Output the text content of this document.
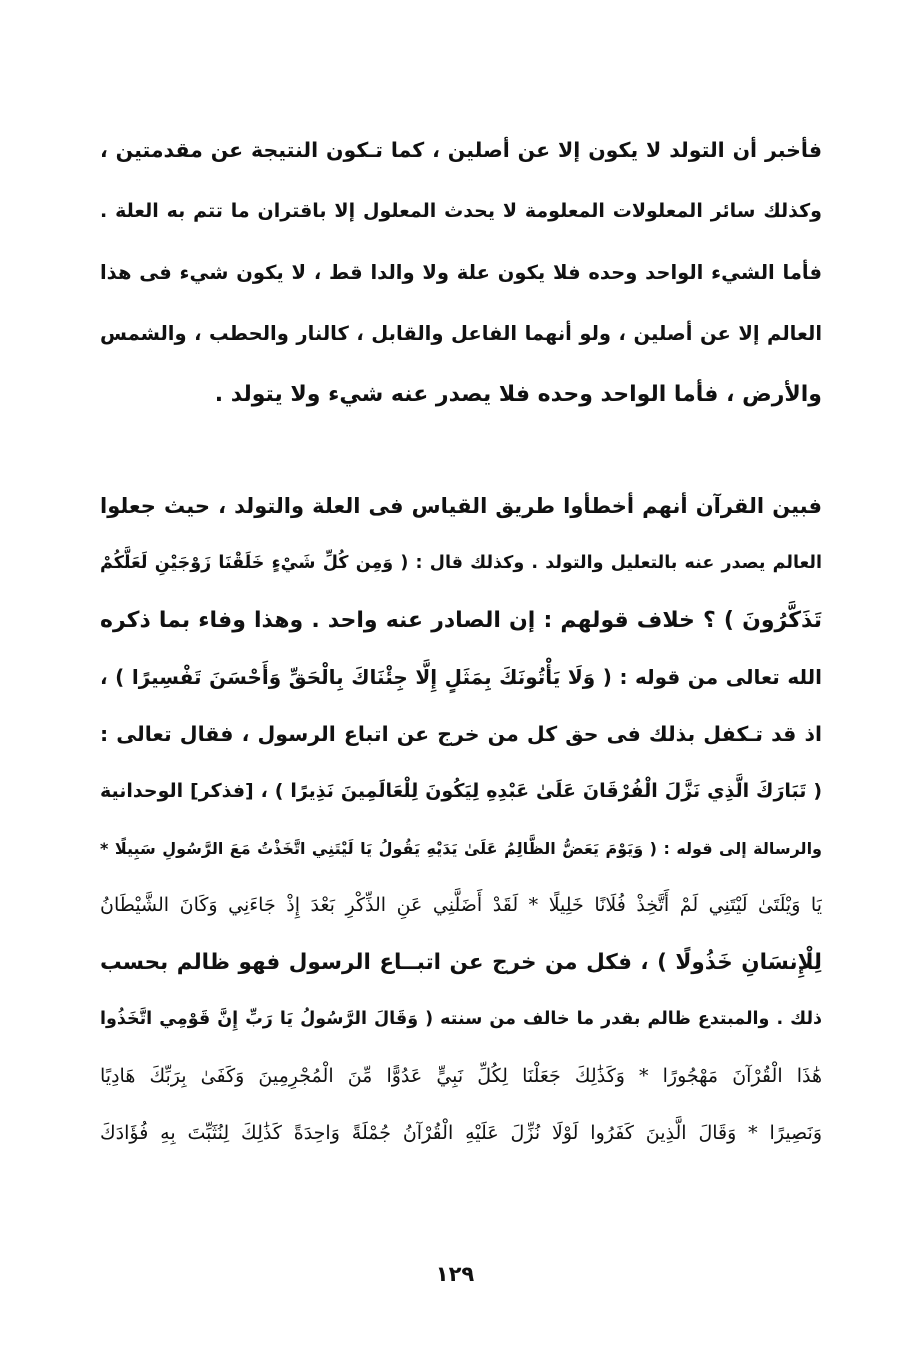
فأخبر أن التولد لا يكون إلا عن أصلين ، كما تـكون النتيجة عن مقدمتين ،
وكذلك سائر المعلولات المعلومة لا يحدث المعلول إلا باقتران ما تتم به العلة .
فأما الشيء الواحد وحده فلا يكون علة ولا والدا قط ، لا يكون شيء فى هذا
العالم إلا عن أصلين ، ولو أنهما الفاعل والقابل ، كالنار والحطب ، والشمس
والأرض ، فأما الواحد وحده فلا يصدر عنه شيء ولا يتولد .
فبين القرآن أنهم أخطأوا طريق القياس فى العلة والتولد ، حيث جعلوا
العالم يصدر عنه بالتعليل والتولد . وكذلك قال : ( وَمِن كُلِّ شَيْءٍ خَلَقْنَا زَوْجَيْنِ لَعَلَّكُمْ
تَذَكَّرُونَ ) ؟ خلاف قولهم : إن الصادر عنه واحد . وهذا وفاء بما ذكره
الله تعالى من قوله : ( وَلَا يَأْتُونَكَ بِمَثَلٍ إِلَّا جِئْنَاكَ بِالْحَقِّ وَأَحْسَنَ تَفْسِيرًا ) ،
اذ قد تـكفل بذلك فى حق كل من خرج عن اتباع الرسول ، فقال تعالى :
( تَبَارَكَ الَّذِي نَزَّلَ الْفُرْقَانَ عَلَىٰ عَبْدِهِ لِيَكُونَ لِلْعَالَمِينَ نَذِيرًا ) ، [فذكر] الوحدانية
والرسالة إلى قوله : ( وَيَوْمَ يَعَضُّ الظَّالِمُ عَلَىٰ يَدَيْهِ يَقُولُ يَا لَيْتَنِي اتَّخَذْتُ مَعَ الرَّسُولِ سَبِيلًا *
يَا وَيْلَتَىٰ لَيْتَنِي لَمْ أَتَّخِذْ فُلَانًا خَلِيلًا * لَقَدْ أَضَلَّنِي عَنِ الذِّكْرِ بَعْدَ إِذْ جَاءَنِي وَكَانَ الشَّيْطَانُ
لِلْإِنسَانِ خَذُولًا ) ، فكل من خرج عن اتبــاع الرسول فهو ظالم بحسب
ذلك . والمبتدع ظالم بقدر ما خالف من سنته ( وَقَالَ الرَّسُولُ يَا رَبِّ إِنَّ قَوْمِي اتَّخَذُوا
هَٰذَا الْقُرْآنَ مَهْجُورًا * وَكَذَٰلِكَ جَعَلْنَا لِكُلِّ نَبِيٍّ عَدُوًّا مِّنَ الْمُجْرِمِينَ وَكَفَىٰ بِرَبِّكَ هَادِيًا
وَنَصِيرًا * وَقَالَ الَّذِينَ كَفَرُوا لَوْلَا نُزِّلَ عَلَيْهِ الْقُرْآنُ جُمْلَةً وَاحِدَةً كَذَٰلِكَ لِنُثَبِّتَ بِهِ فُؤَادَكَ
١٢٩
